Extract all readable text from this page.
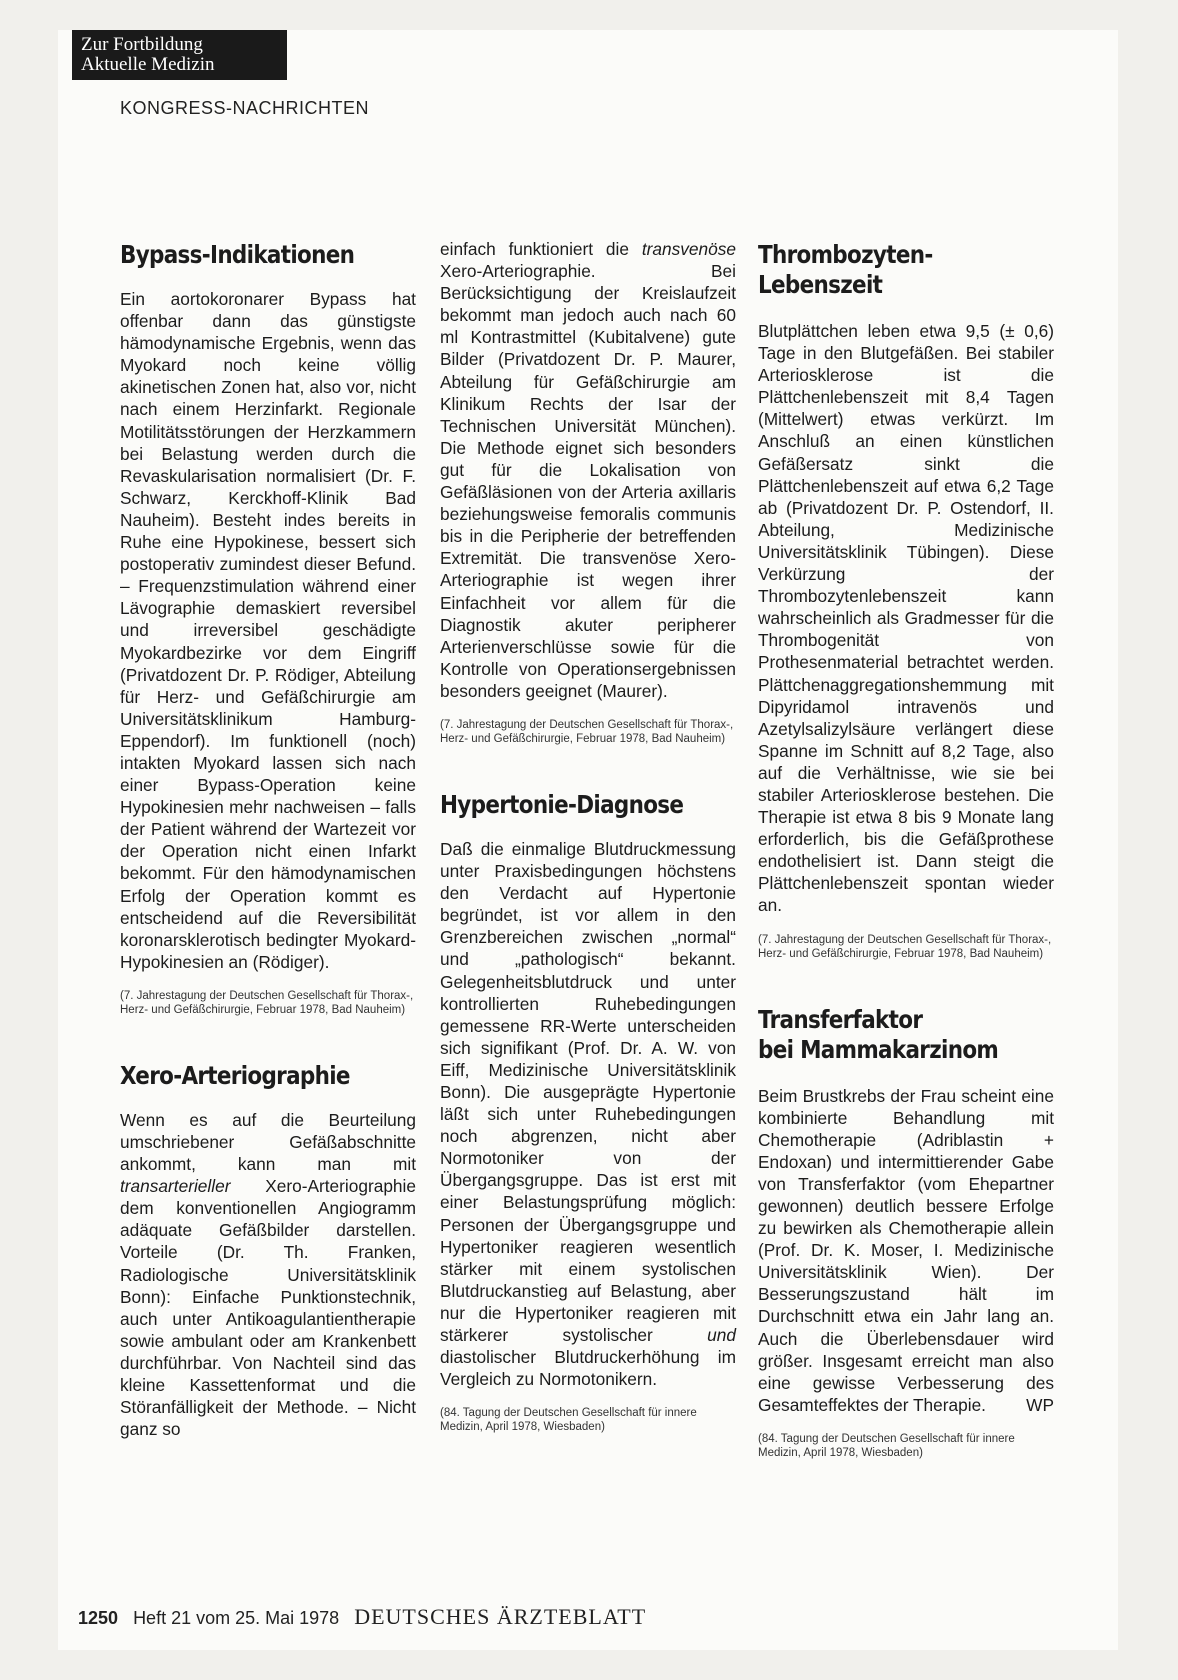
Zur Fortbildung
Aktuelle Medizin
KONGRESS-NACHRICHTEN
Bypass-Indikationen

Ein aortokoronarer Bypass hat offenbar dann das günstigste hämodynamische Ergebnis, wenn das Myokard noch keine völlig akinetischen Zonen hat, also vor, nicht nach einem Herzinfarkt. Regionale Motilitätsstörungen der Herzkammern bei Belastung werden durch die Revaskularisation normalisiert (Dr. F. Schwarz, Kerckhoff-Klinik Bad Nauheim). Besteht indes bereits in Ruhe eine Hypokinese, bessert sich postoperativ zumindest dieser Befund. – Frequenzstimulation während einer Lävographie demaskiert reversibel und irreversibel geschädigte Myokardbezirke vor dem Eingriff (Privatdozent Dr. P. Rödiger, Abteilung für Herz- und Gefäßchirurgie am Universitätsklinikum Hamburg-Eppendorf). Im funktionell (noch) intakten Myokard lassen sich nach einer Bypass-Operation keine Hypokinesien mehr nachweisen – falls der Patient während der Wartezeit vor der Operation nicht einen Infarkt bekommt. Für den hämodynamischen Erfolg der Operation kommt es entscheidend auf die Reversibilität koronarsklerotisch bedingter Myokard-Hypokinesien an (Rödiger).

(7. Jahrestagung der Deutschen Gesellschaft für Thorax-, Herz- und Gefäßchirurgie, Februar 1978, Bad Nauheim)

Xero-Arteriographie

Wenn es auf die Beurteilung umschriebener Gefäßabschnitte ankommt, kann man mit transarterieller Xero-Arteriographie dem konventionellen Angiogramm adäquate Gefäßbilder darstellen. Vorteile (Dr. Th. Franken, Radiologische Universitätsklinik Bonn): Einfache Punktionstechnik, auch unter Antikoagulantientherapie sowie ambulant oder am Krankenbett durchführbar. Von Nachteil sind das kleine Kassettenformat und die Störanfälligkeit der Methode. – Nicht ganz so

einfach funktioniert die transvenöse Xero-Arteriographie. Bei Berücksichtigung der Kreislaufzeit bekommt man jedoch auch nach 60 ml Kontrastmittel (Kubitalvene) gute Bilder (Privatdozent Dr. P. Maurer, Abteilung für Gefäßchirurgie am Klinikum Rechts der Isar der Technischen Universität München). Die Methode eignet sich besonders gut für die Lokalisation von Gefäßläsionen von der Arteria axillaris beziehungsweise femoralis communis bis in die Peripherie der betreffenden Extremität. Die transvenöse Xero-Arteriographie ist wegen ihrer Einfachheit vor allem für die Diagnostik akuter peripherer Arterienverschlüsse sowie für die Kontrolle von Operationsergebnissen besonders geeignet (Maurer).

(7. Jahrestagung der Deutschen Gesellschaft für Thorax-, Herz- und Gefäßchirurgie, Februar 1978, Bad Nauheim)

Hypertonie-Diagnose

Daß die einmalige Blutdruckmessung unter Praxisbedingungen höchstens den Verdacht auf Hypertonie begründet, ist vor allem in den Grenzbereichen zwischen „normal“ und „pathologisch“ bekannt. Gelegenheitsblutdruck und unter kontrollierten Ruhebedingungen gemessene RR-Werte unterscheiden sich signifikant (Prof. Dr. A. W. von Eiff, Medizinische Universitätsklinik Bonn). Die ausgeprägte Hypertonie läßt sich unter Ruhebedingungen noch abgrenzen, nicht aber Normotoniker von der Übergangsgruppe. Das ist erst mit einer Belastungsprüfung möglich: Personen der Übergangsgruppe und Hypertoniker reagieren wesentlich stärker mit einem systolischen Blutdruckanstieg auf Belastung, aber nur die Hypertoniker reagieren mit stärkerer systolischer und diastolischer Blutdruckerhöhung im Vergleich zu Normotonikern.

(84. Tagung der Deutschen Gesellschaft für innere Medizin, April 1978, Wiesbaden)

Thrombozyten-
Lebenszeit

Blutplättchen leben etwa 9,5 (± 0,6) Tage in den Blutgefäßen. Bei stabiler Arteriosklerose ist die Plättchenlebenszeit mit 8,4 Tagen (Mittelwert) etwas verkürzt. Im Anschluß an einen künstlichen Gefäßersatz sinkt die Plättchenlebenszeit auf etwa 6,2 Tage ab (Privatdozent Dr. P. Ostendorf, II. Abteilung, Medizinische Universitätsklinik Tübingen). Diese Verkürzung der Thrombozytenlebenszeit kann wahrscheinlich als Gradmesser für die Thrombogenität von Prothesenmaterial betrachtet werden. Plättchenaggregationshemmung mit Dipyridamol intravenös und Azetylsalizylsäure verlängert diese Spanne im Schnitt auf 8,2 Tage, also auf die Verhältnisse, wie sie bei stabiler Arteriosklerose bestehen. Die Therapie ist etwa 8 bis 9 Monate lang erforderlich, bis die Gefäßprothese endothelisiert ist. Dann steigt die Plättchenlebenszeit spontan wieder an.

(7. Jahrestagung der Deutschen Gesellschaft für Thorax-, Herz- und Gefäßchirurgie, Februar 1978, Bad Nauheim)

Transferfaktor
bei Mammakarzinom

Beim Brustkrebs der Frau scheint eine kombinierte Behandlung mit Chemotherapie (Adriblastin + Endoxan) und intermittierender Gabe von Transferfaktor (vom Ehepartner gewonnen) deutlich bessere Erfolge zu bewirken als Chemotherapie allein (Prof. Dr. K. Moser, I. Medizinische Universitätsklinik Wien). Der Besserungszustand hält im Durchschnitt etwa ein Jahr lang an. Auch die Überlebensdauer wird größer. Insgesamt erreicht man also eine gewisse Verbesserung des Gesamteffektes der Therapie. WP

(84. Tagung der Deutschen Gesellschaft für innere Medizin, April 1978, Wiesbaden)

1250 Heft 21 vom 25. Mai 1978 DEUTSCHES ÄRZTEBLATT
